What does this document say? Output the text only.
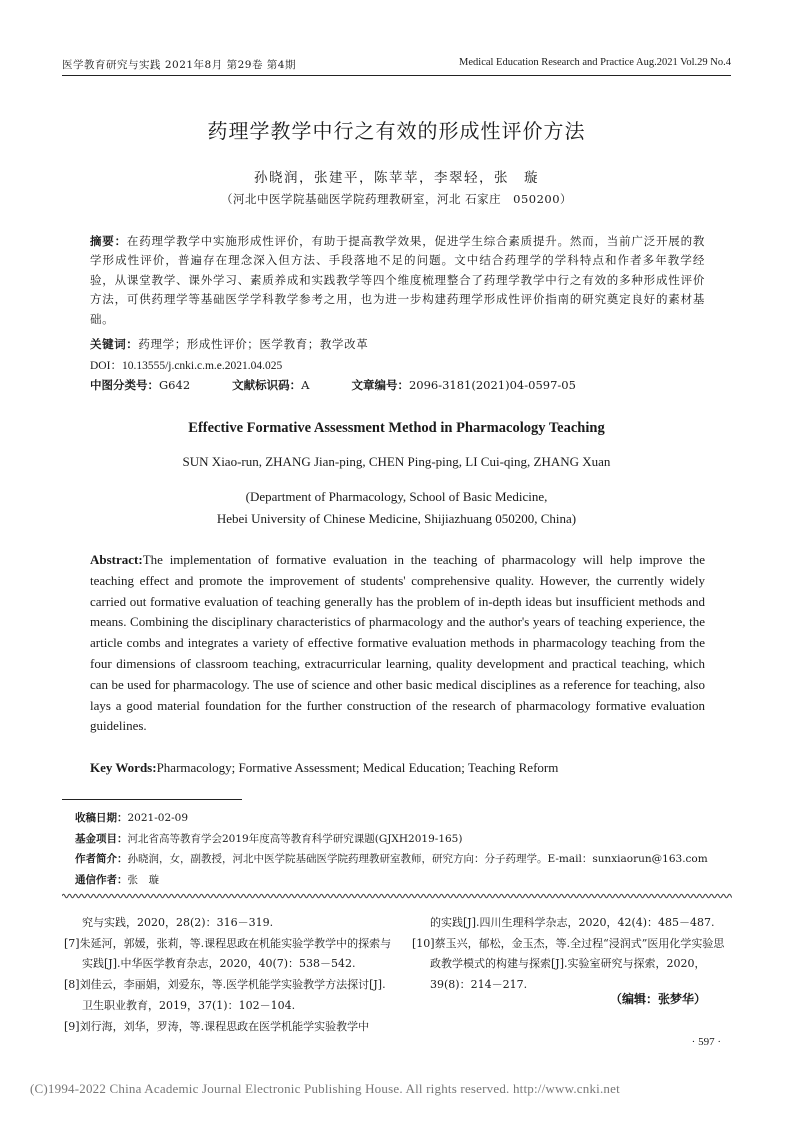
医学教育研究与实践 2021年8月 第29卷 第4期	Medical Education Research and Practice Aug.2021 Vol.29 No.4
药理学教学中行之有效的形成性评价方法
孙晓润，张建平，陈苹苹，李翠轻，张　璇
（河北中医学院基础医学院药理教研室，河北 石家庄　050200）
摘要：在药理学教学中实施形成性评价，有助于提高教学效果，促进学生综合素质提升。然而，当前广泛开展的教学形成性评价，普遍存在理念深入但方法、手段落地不足的问题。文中结合药理学的学科特点和作者多年教学经验，从课堂教学、课外学习、素质养成和实践教学等四个维度梳理整合了药理学教学中行之有效的多种形成性评价方法，可供药理学等基础医学学科教学参考之用，也为进一步构建药理学形成性评价指南的研究奠定良好的素材基础。
关键词：药理学；形成性评价；医学教育；教学改革
DOI：10.13555/j.cnki.c.m.e.2021.04.025
中图分类号：G642	文献标识码：A	文章编号：2096-3181(2021)04-0597-05
Effective Formative Assessment Method in Pharmacology Teaching
SUN Xiao-run, ZHANG Jian-ping, CHEN Ping-ping, LI Cui-qing, ZHANG Xuan
(Department of Pharmacology, School of Basic Medicine,
Hebei University of Chinese Medicine, Shijiazhuang 050200, China)
Abstract:The implementation of formative evaluation in the teaching of pharmacology will help improve the teaching effect and promote the improvement of students' comprehensive quality. However, the currently widely carried out formative evaluation of teaching generally has the problem of in-depth ideas but insufficient methods and means. Combining the disciplinary characteristics of pharmacology and the author's years of teaching experience, the article combs and integrates a variety of effective formative evaluation methods in pharmacology teaching from the four dimensions of classroom teaching, extracurricular learning, quality development and practical teaching, which can be used for pharmacology. The use of science and other basic medical disciplines as a reference for teaching, also lays a good material foundation for the further construction of the research of pharmacology formative evaluation guidelines.
Key Words:Pharmacology; Formative Assessment; Medical Education; Teaching Reform
收稿日期：2021-02-09
基金项目：河北省高等教育学会2019年度高等教育科学研究课题(GJXH2019-165)
作者简介：孙晓润，女，副教授，河北中医学院基础医学院药理教研室教师，研究方向：分子药理学。E-mail：sunxiaorun@163.com
通信作者：张　璇
究与实践，2020，28(2)：316－319.
[7]朱延河，郭媛，张莉，等.课程思政在机能实验学教学中的探索与实践[J].中华医学教育杂志，2020，40(7)：538－542.
[8]刘佳云，李丽娟，刘爱东，等.医学机能学实验教学方法探讨[J].卫生职业教育，2019，37(1)：102－104.
[9]刘行海，刘华，罗涛，等.课程思政在医学机能学实验教学中
的实践[J].四川生理科学杂志，2020，42(4)：485－487.
[10]蔡玉兴，郁松，金玉杰，等.全过程“浸润式”医用化学实验思政教学模式的构建与探索[J].实验室研究与探索，2020，39(8)：214－217.
（编辑：张梦华）
· 597 ·
(C)1994-2022 China Academic Journal Electronic Publishing House. All rights reserved. http://www.cnki.net
